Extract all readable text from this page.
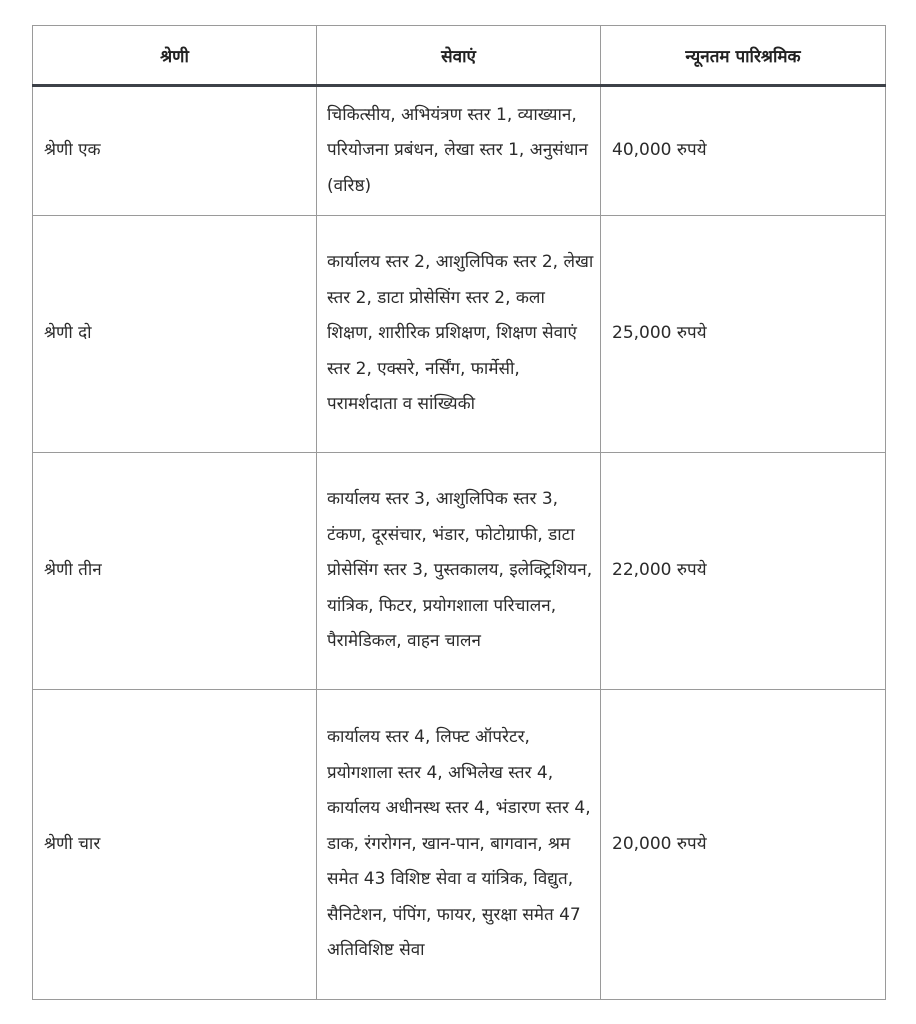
श्रेणी	सेवाएं	न्यूनतम पारिश्रमिक
श्रेणी एक	चिकित्सीय, अभियंत्रण स्तर 1, व्याख्यान, परियोजना प्रबंधन, लेखा स्तर 1, अनुसंधान (वरिष्ठ)	40,000 रुपये
श्रेणी दो	कार्यालय स्तर 2, आशुलिपिक स्तर 2, लेखा स्तर 2, डाटा प्रोसेसिंग स्तर 2, कला शिक्षण, शारीरिक प्रशिक्षण, शिक्षण सेवाएं स्तर 2, एक्सरे, नर्सिंग, फार्मेसी, परामर्शदाता व सांख्यिकी	25,000 रुपये
श्रेणी तीन	कार्यालय स्तर 3, आशुलिपिक स्तर 3, टंकण, दूरसंचार, भंडार, फोटोग्राफी, डाटा प्रोसेसिंग स्तर 3, पुस्तकालय, इलेक्ट्रिशियन, यांत्रिक, फिटर, प्रयोगशाला परिचालन, पैरामेडिकल, वाहन चालन	22,000 रुपये
श्रेणी चार	कार्यालय स्तर 4, लिफ्ट ऑपरेटर, प्रयोगशाला स्तर 4, अभिलेख स्तर 4, कार्यालय अधीनस्थ स्तर 4, भंडारण स्तर 4, डाक, रंगरोगन, खान-पान, बागवान, श्रम समेत 43 विशिष्ट सेवा व यांत्रिक, विद्युत, सैनिटेशन, पंपिंग, फायर, सुरक्षा समेत 47 अतिविशिष्ट सेवा	20,000 रुपये
